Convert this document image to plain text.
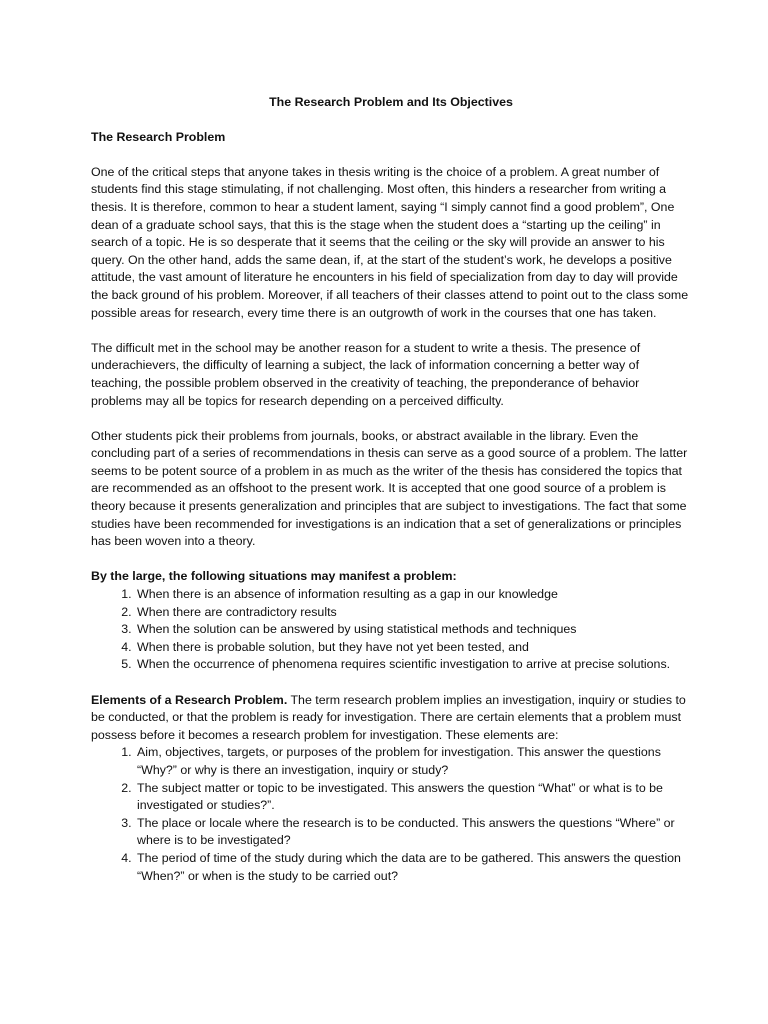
The Research Problem and Its Objectives
The Research Problem

One of the critical steps that anyone takes in thesis writing is the choice of a problem. A great number of students find this stage stimulating, if not challenging. Most often, this hinders a researcher from writing a thesis. It is therefore, common to hear a student lament, saying “I simply cannot find a good problem”, One dean of a graduate school says, that this is the stage when the student does a “starting up the ceiling” in search of a topic. He is so desperate that it seems that the ceiling or the sky will provide an answer to his query. On the other hand, adds the same dean, if, at the start of the student’s work, he develops a positive attitude, the vast amount of literature he encounters in his field of specialization from day to day will provide the back ground of his problem. Moreover, if all teachers of their classes attend to point out to the class some possible areas for research, every time there is an outgrowth of work in the courses that one has taken.

The difficult met in the school may be another reason for a student to write a thesis. The presence of underachievers, the difficulty of learning a subject, the lack of information concerning a better way of teaching, the possible problem observed in the creativity of teaching, the preponderance of behavior problems may all be topics for research depending on a perceived difficulty.

Other students pick their problems from journals, books, or abstract available in the library. Even the concluding part of a series of recommendations in thesis can serve as a good source of a problem. The latter seems to be potent source of a problem in as much as the writer of the thesis has considered the topics that are recommended as an offshoot to the present work. It is accepted that one good source of a problem is theory because it presents generalization and principles that are subject to investigations. The fact that some studies have been recommended for investigations is an indication that a set of generalizations or principles has been woven into a theory.

By the large, the following situations may manifest a problem:

1. When there is an absence of information resulting as a gap in our knowledge
2. When there are contradictory results
3. When the solution can be answered by using statistical methods and techniques
4. When there is probable solution, but they have not yet been tested, and
5. When the occurrence of phenomena requires scientific investigation to arrive at precise solutions.

Elements of a Research Problem. The term research problem implies an investigation, inquiry or studies to be conducted, or that the problem is ready for investigation. There are certain elements that a problem must possess before it becomes a research problem for investigation. These elements are:

1. Aim, objectives, targets, or purposes of the problem for investigation. This answer the questions “Why?” or why is there an investigation, inquiry or study?
2. The subject matter or topic to be investigated. This answers the question “What” or what is to be investigated or studies?”.
3. The place or locale where the research is to be conducted. This answers the questions “Where” or where is to be investigated?
4. The period of time of the study during which the data are to be gathered. This answers the question “When?” or when is the study to be carried out?
